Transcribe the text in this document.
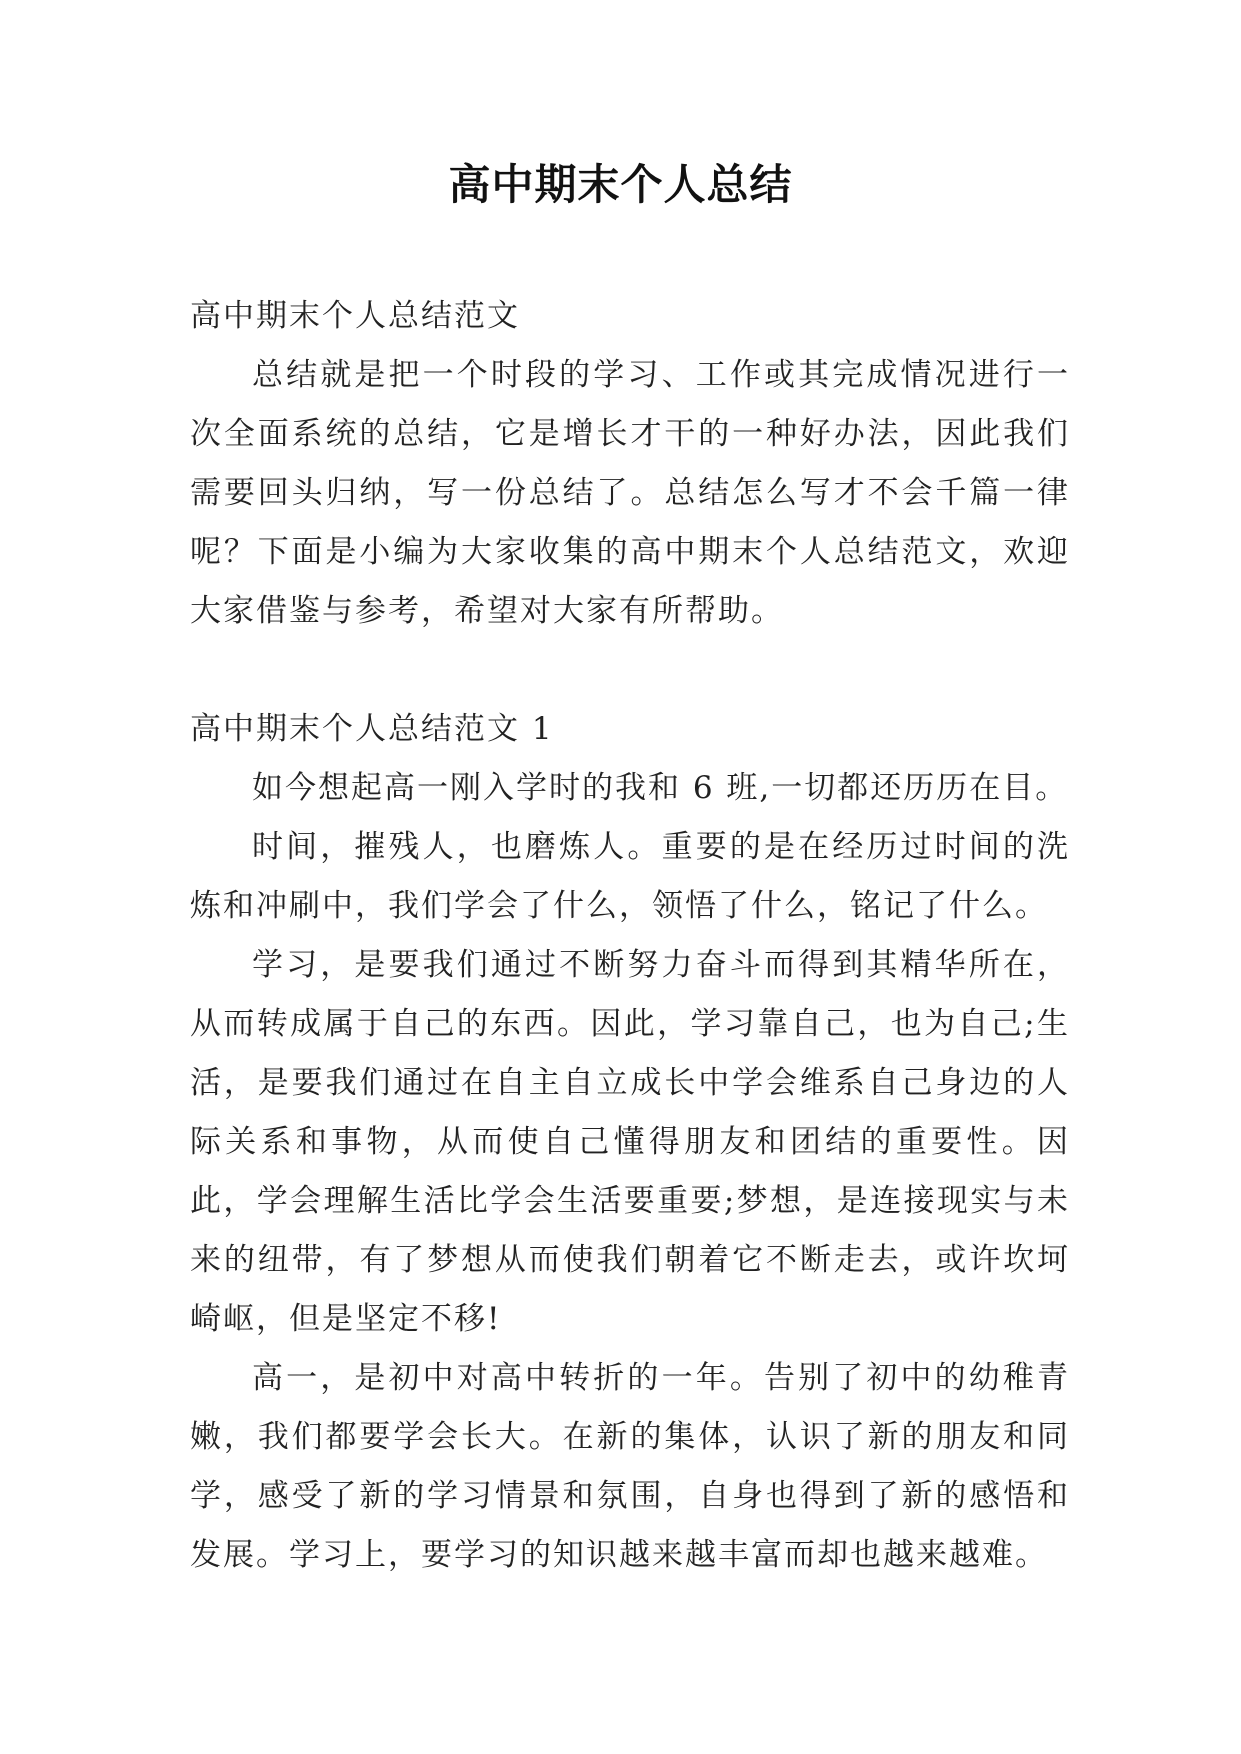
高中期末个人总结

高中期末个人总结范文

总结就是把一个时段的学习、工作或其完成情况进行一次全面系统的总结，它是增长才干的一种好办法，因此我们需要回头归纳，写一份总结了。总结怎么写才不会千篇一律呢？下面是小编为大家收集的高中期末个人总结范文，欢迎大家借鉴与参考，希望对大家有所帮助。

高中期末个人总结范文 1

如今想起高一刚入学时的我和 6 班,一切都还历历在目。

时间，摧残人，也磨炼人。重要的是在经历过时间的洗炼和冲刷中，我们学会了什么，领悟了什么，铭记了什么。

学习，是要我们通过不断努力奋斗而得到其精华所在，从而转成属于自己的东西。因此，学习靠自己，也为自己;生活，是要我们通过在自主自立成长中学会维系自己身边的人际关系和事物，从而使自己懂得朋友和团结的重要性。因此，学会理解生活比学会生活要重要;梦想，是连接现实与未来的纽带，有了梦想从而使我们朝着它不断走去，或许坎坷崎岖，但是坚定不移!

高一，是初中对高中转折的一年。告别了初中的幼稚青嫩，我们都要学会长大。在新的集体，认识了新的朋友和同学，感受了新的学习情景和氛围，自身也得到了新的感悟和发展。学习上，要学习的知识越来越丰富而却也越来越难。
